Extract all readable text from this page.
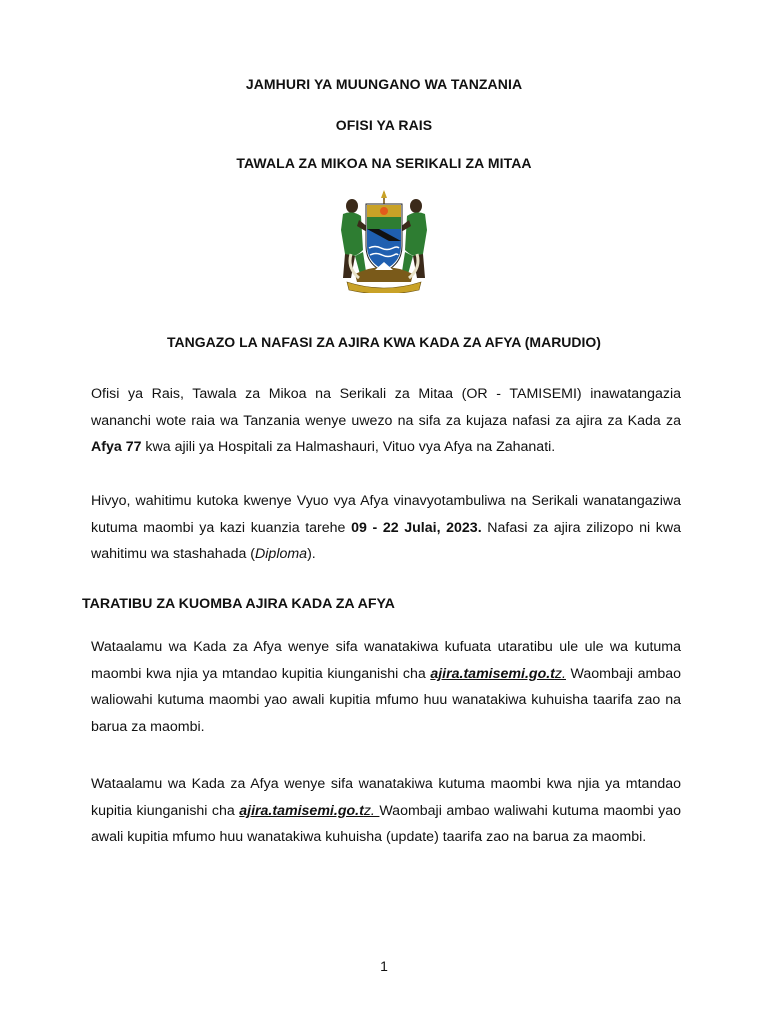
JAMHURI YA MUUNGANO WA TANZANIA
OFISI YA RAIS
TAWALA ZA MIKOA NA SERIKALI ZA MITAA
TANGAZO LA NAFASI ZA AJIRA KWA KADA ZA AFYA (MARUDIO)

Ofisi ya Rais, Tawala za Mikoa na Serikali za Mitaa (OR - TAMISEMI) inawatangazia wananchi wote raia wa Tanzania wenye uwezo na sifa za kujaza nafasi za ajira za Kada za Afya 77 kwa ajili ya Hospitali za Halmashauri, Vituo vya Afya na Zahanati.

Hivyo, wahitimu kutoka kwenye Vyuo vya Afya vinavyotambuliwa na Serikali wanatangaziwa kutuma maombi ya kazi kuanzia tarehe 09 - 22 Julai, 2023. Nafasi za ajira zilizopo ni kwa wahitimu wa stashahada (Diploma).

TARATIBU ZA KUOMBA AJIRA KADA ZA AFYA

Wataalamu wa Kada za Afya wenye sifa wanatakiwa kufuata utaratibu ule ule wa kutuma maombi kwa njia ya mtandao kupitia kiunganishi cha ajira.tamisemi.go.tz. Waombaji ambao waliowahi kutuma maombi yao awali kupitia mfumo huu wanatakiwa kuhuisha taarifa zao na barua za maombi.

Wataalamu wa Kada za Afya wenye sifa wanatakiwa kutuma maombi kwa njia ya mtandao kupitia kiunganishi cha ajira.tamisemi.go.tz. Waombaji ambao waliwahi kutuma maombi yao awali kupitia mfumo huu wanatakiwa kuhuisha (update) taarifa zao na barua za maombi.

1
